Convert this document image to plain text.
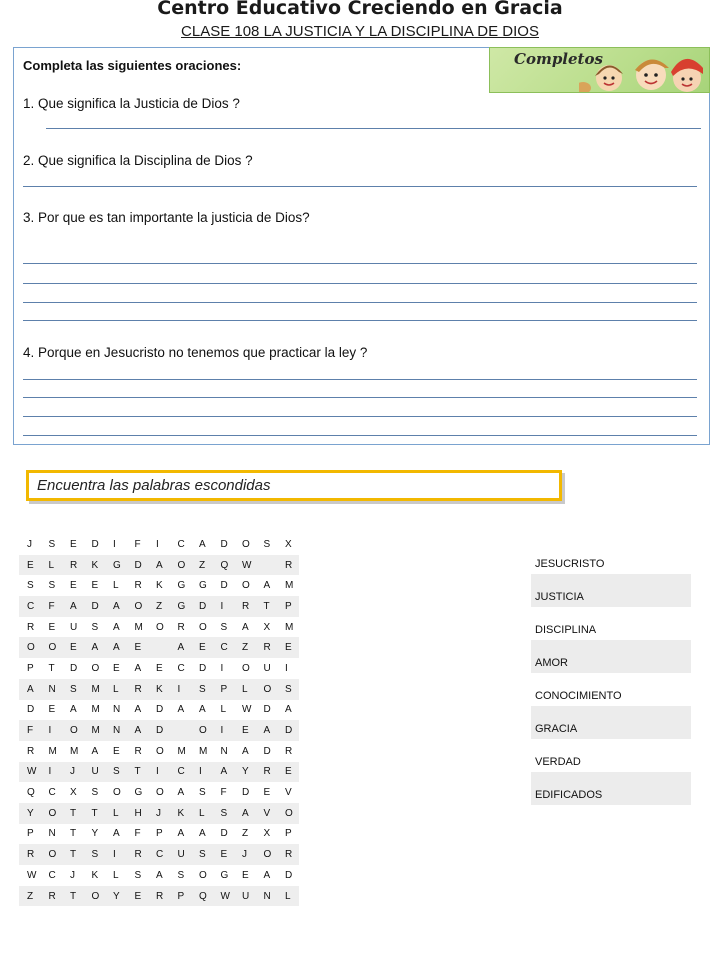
Centro Educativo Creciendo en Gracia
CLASE 108 LA JUSTICIA Y LA DISCIPLINA DE DIOS
Completos
Completa las siguientes oraciones:
1. Que significa la Justicia de Dios ?
2. Que significa la Disciplina de Dios ?
3. Por que es tan importante la justicia de Dios?
4. Porque en Jesucristo no tenemos que practicar la ley ?
Encuentra las palabras escondidas
J	S	E	D	I	F	I	C	A	D	O	S	X
E	L	R	K	G	D	A	O	Z	Q	W		R
S	S	E	E	L	R	K	G	G	D	O	A	M
C	F	A	D	A	O	Z	G	D	I	R	T	P
R	E	U	S	A	M	O	R	O	S	A	X	M
O	O	E	A	A	E		A	E	C	Z	R	E
P	T	D	O	E	A	E	C	D	I	O	U	I
A	N	S	M	L	R	K	I	S	P	L	O	S
D	E	A	M	N	A	D	A	A	L	W	D	A
F	I	O	M	N	A	D		O	I	E	A	D
R	M	M	A	E	R	O	M	M	N	A	D	R
W	I	J	U	S	T	I	C	I	A	Y	R	E
Q	C	X	S	O	G	O	A	S	F	D	E	V
Y	O	T	T	L	H	J	K	L	S	A	V	O
P	N	T	Y	A	F	P	A	A	D	Z	X	P
R	O	T	S	I	R	C	U	S	E	J	O	R
W	C	J	K	L	S	A	S	O	G	E	A	D
Z	R	T	O	Y	E	R	P	Q	W	U	N	L
JESUCRISTO
JUSTICIA
DISCIPLINA
AMOR
CONOCIMIENTO
GRACIA
VERDAD
EDIFICADOS
